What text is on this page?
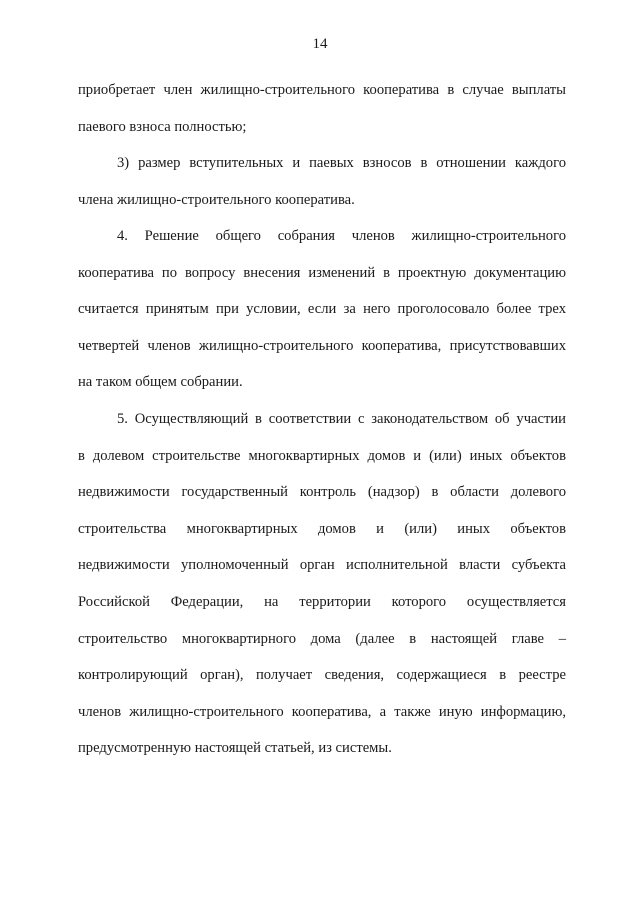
14
приобретает член жилищно-строительного кооператива в случае выплаты
паевого взноса полностью;
3) размер вступительных и паевых взносов в отношении каждого
члена жилищно-строительного кооператива.
4. Решение общего собрания членов жилищно-строительного
кооператива по вопросу внесения изменений в проектную документацию
считается принятым при условии, если за него проголосовало более трех
четвертей членов жилищно-строительного кооператива, присутствовавших
на таком общем собрании.
5. Осуществляющий в соответствии с законодательством об участии
в долевом строительстве многоквартирных домов и (или) иных объектов
недвижимости государственный контроль (надзор) в области долевого
строительства многоквартирных домов и (или) иных объектов
недвижимости уполномоченный орган исполнительной власти субъекта
Российской Федерации, на территории которого осуществляется
строительство многоквартирного дома (далее в настоящей главе –
контролирующий орган), получает сведения, содержащиеся в реестре
членов жилищно-строительного кооператива, а также иную информацию,
предусмотренную настоящей статьей, из системы.
